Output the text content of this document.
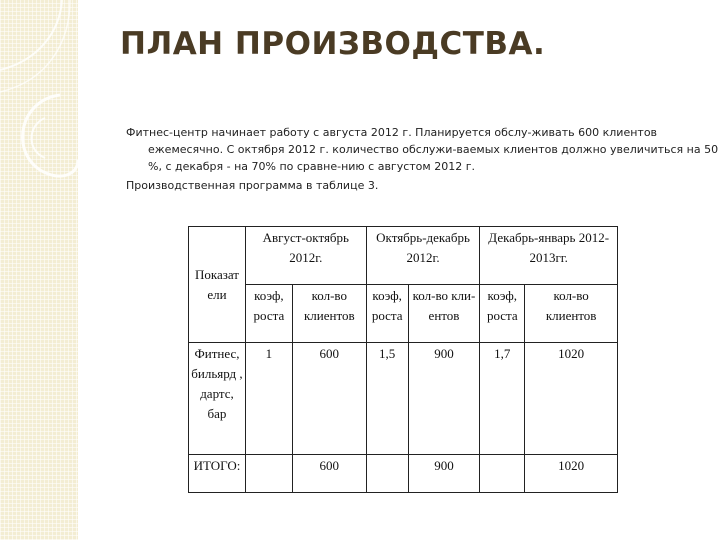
ПЛАН ПРОИЗВОДСТВА.

Фитнес-центр начинает работу с августа 2012 г. Планируется обслу-живать 600 клиентов ежемесячно. С октября 2012 г. количество обслужи-ваемых клиентов должно увеличиться на 50 %, с декабря - на 70% по сравне-нию с августом 2012 г.

Производственная программа в таблице 3.

Показат ели	Август-октябрь 2012г.		Октябрь-декабрь 2012г.		Декабрь-январь 2012-2013гг.	
	коэф, роста	кол-во клиентов	коэф, роста	кол-во кли-ентов	коэф, роста	кол-во клиентов
Фитнес, бильярд , дартс, бар	1	600	1,5	900	1,7	1020
ИТОГО:		600		900		1020
